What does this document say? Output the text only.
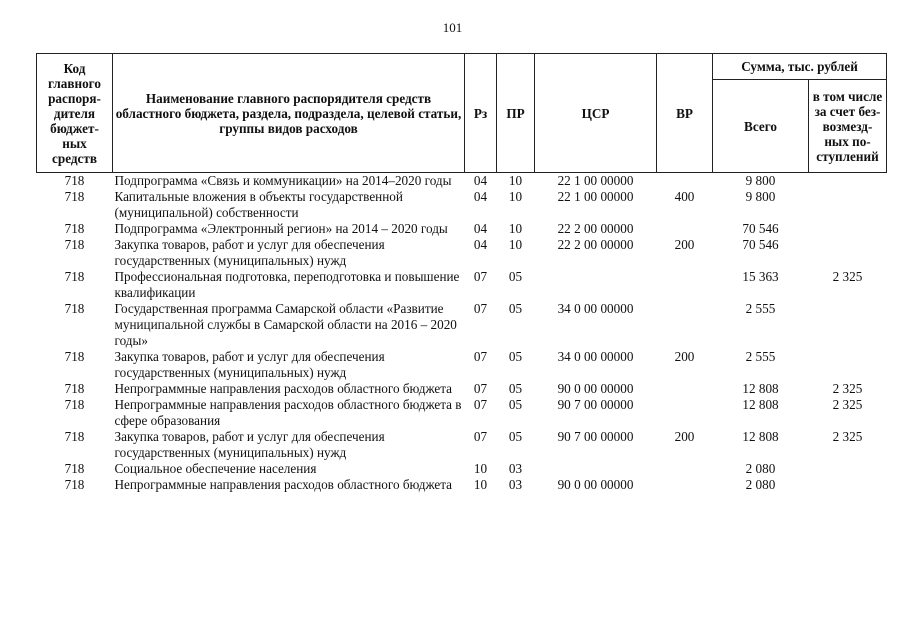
101
Код главного распоря-дителя бюджет-ных средств	Наименование главного распорядителя средств областного бюджета, раздела, подраздела, целевой статьи, группы видов расходов	Рз	ПР	ЦСР	ВР	Сумма, тыс. рублей	
						Всего	в том числе за счет без-возмезд-ных по-ступлений
718	Подпрограмма «Связь и коммуникации» на 2014–2020 годы	04	10	22 1 00 00000		9 800	
718	Капитальные вложения в объекты государственной (муниципальной) собственности	04	10	22 1 00 00000	400	9 800	
718	Подпрограмма «Электронный регион» на 2014 – 2020 годы	04	10	22 2 00 00000		70 546	
718	Закупка товаров, работ и услуг для обеспечения государственных (муниципальных) нужд	04	10	22 2 00 00000	200	70 546	
718	Профессиональная подготовка, переподготовка и повышение квалификации	07	05			15 363	2 325
718	Государственная программа Самарской области «Развитие муниципальной службы в Самарской области на 2016 – 2020 годы»	07	05	34 0 00 00000		2 555	
718	Закупка товаров, работ и услуг для обеспечения государственных (муниципальных) нужд	07	05	34 0 00 00000	200	2 555	
718	Непрограммные направления расходов областного бюджета	07	05	90 0 00 00000		12 808	2 325
718	Непрограммные направления расходов областного бюджета в сфере образования	07	05	90 7 00 00000		12 808	2 325
718	Закупка товаров, работ и услуг для обеспечения государственных (муниципальных) нужд	07	05	90 7 00 00000	200	12 808	2 325
718	Социальное обеспечение населения	10	03			2 080	
718	Непрограммные направления расходов областного бюджета	10	03	90 0 00 00000		2 080	
